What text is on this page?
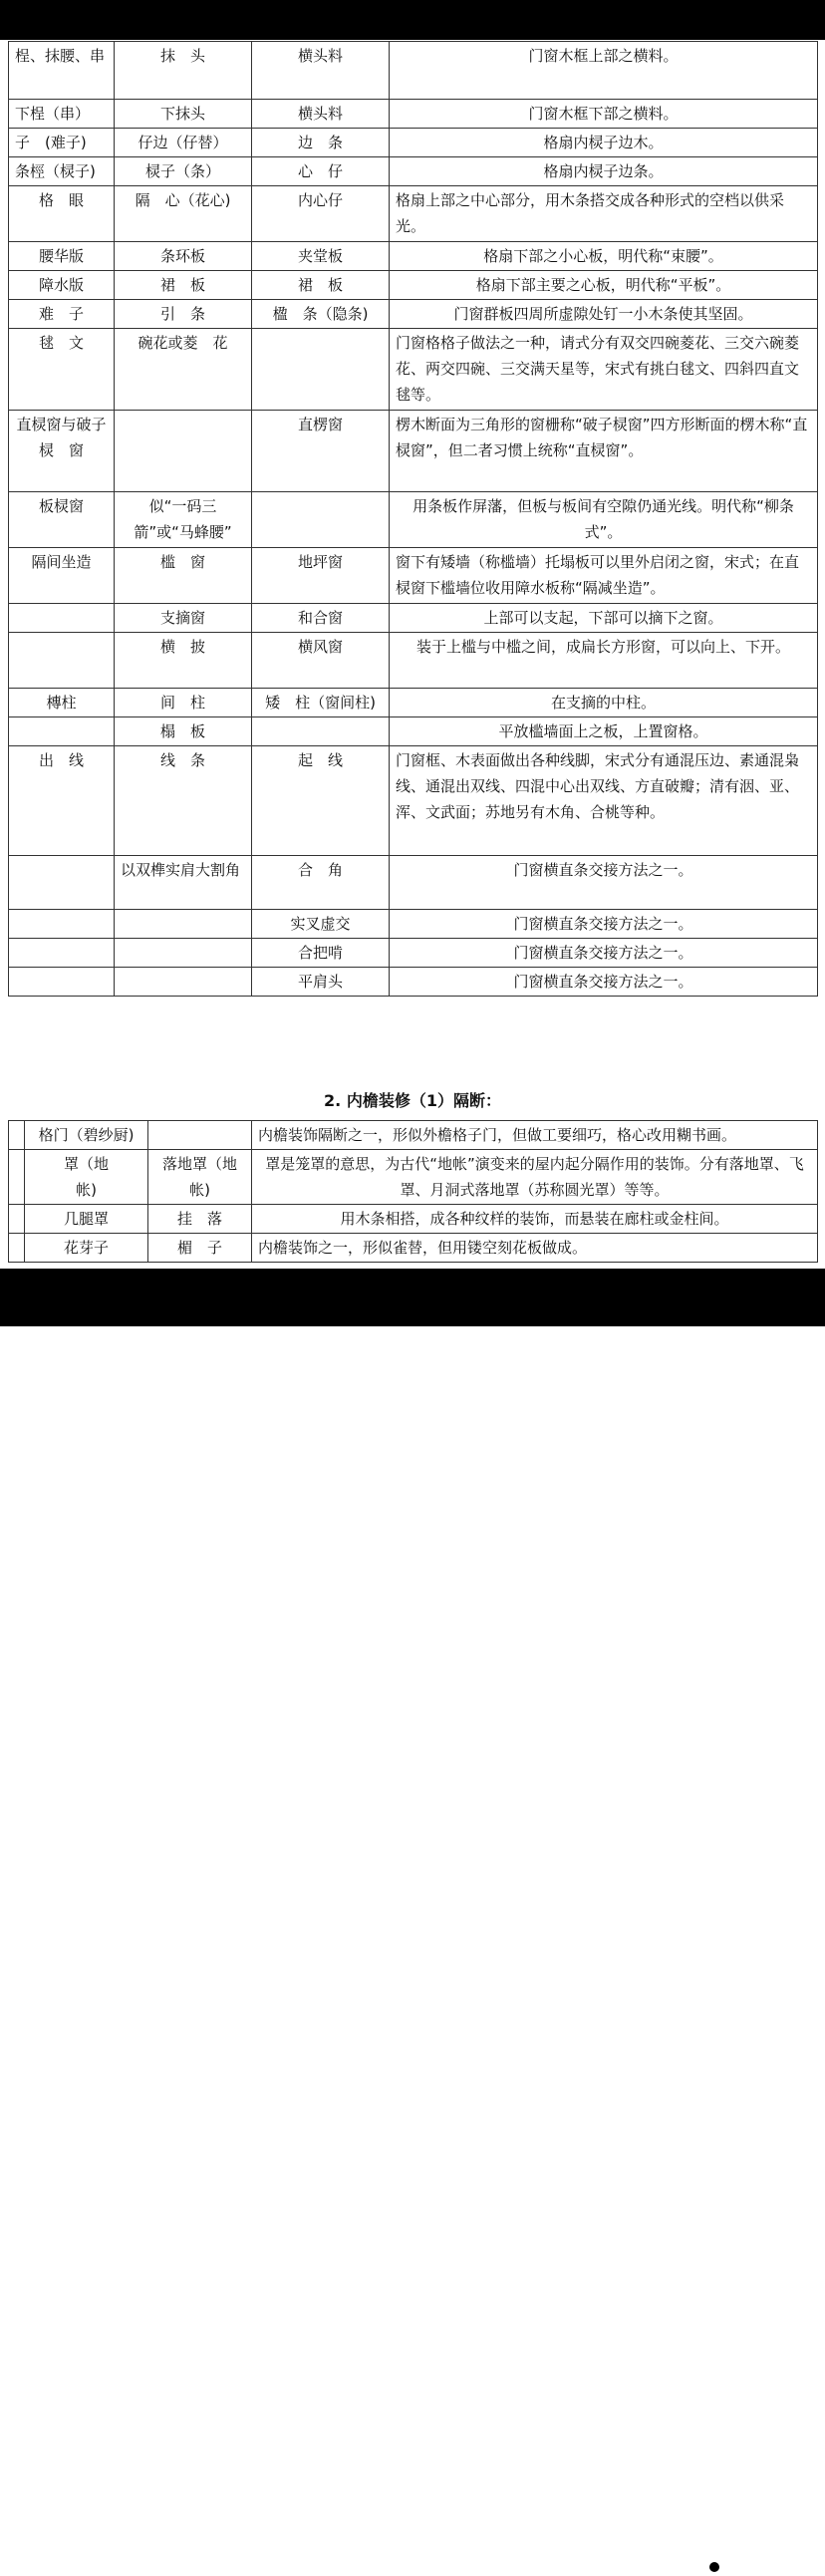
桯、抹腰、串	抹　头	横头料	门窗木框上部之横料。
下桯（串）	下抹头	横头料	门窗木框下部之横料。
子　(难子)	仔边（仔替）	边　条	格扇内棂子边木。
条桱（棂子)	棂子（条）	心　仔	格扇内棂子边条。
格　眼	隔　心（花心)	内心仔	格扇上部之中心部分，用木条搭交成各种形式的空档以供采光。
腰华版	条环板	夹堂板	格扇下部之小心板，明代称“束腰”。
障水版	裙　板	裙　板	格扇下部主要之心板，明代称“平板”。
难　子	引　条	楹　条（隐条)	门窗群板四周所虚隙处钉一小木条使其坚固。
毬　文	碗花或菱　花		门窗格格子做法之一种，请式分有双交四碗菱花、三交六碗菱花、两交四碗、三交满天星等，宋式有挑白毬文、四斜四直文毬等。
直棂窗与破子棂　窗		直楞窗	楞木断面为三角形的窗栅称“破子棂窗”四方形断面的楞木称“直棂窗”，但二者习惯上统称“直棂窗”。
板棂窗	似“一码三箭”或“马蜂腰”		用条板作屏藩，但板与板间有空隙仍通光线。明代称“柳条式”。
隔间坐造	槛　窗	地坪窗	窗下有矮墙（称槛墙）托塌板可以里外启闭之窗，宋式；在直棂窗下槛墙位收用障水板称“隔减坐造”。
	支摘窗	和合窗	上部可以支起，下部可以摘下之窗。
	横　披	横风窗	装于上槛与中槛之间，成扁长方形窗，可以向上、下开。
槫柱	间　柱	矮　柱（窗间柱)	在支摘的中柱。
	榻　板		平放槛墙面上之板，上置窗格。
出　线	线　条	起　线	门窗框、木表面做出各种线脚，宋式分有通混压边、素通混枭线、通混出双线、四混中心出双线、方直破瓣；清有洇、亚、浑、文武面；苏地另有木角、合桃等种。
	以双榫实肩大割角	合　角	门窗横直条交接方法之一。
		实叉虚交	门窗横直条交接方法之一。
		合把啃	门窗横直条交接方法之一。
		平肩头	门窗横直条交接方法之一。
2. 内檐装修（1）隔断：
	格门（碧纱厨)		内檐装饰隔断之一，形似外檐格子门，但做工要细巧，格心改用糊书画。
	罩（地帐)	落地罩（地帐)	罩是笼罩的意思，为古代“地帐”演变来的屋内起分隔作用的装饰。分有落地罩、飞罩、月洞式落地罩（苏称圆光罩）等等。
	几腿罩	挂　落	用木条相搭，成各种纹样的装饰，而悬装在廊柱或金柱间。
	花芽子	楣　子	内檐装饰之一，形似雀替，但用镂空刻花板做成。
建筑传奇
